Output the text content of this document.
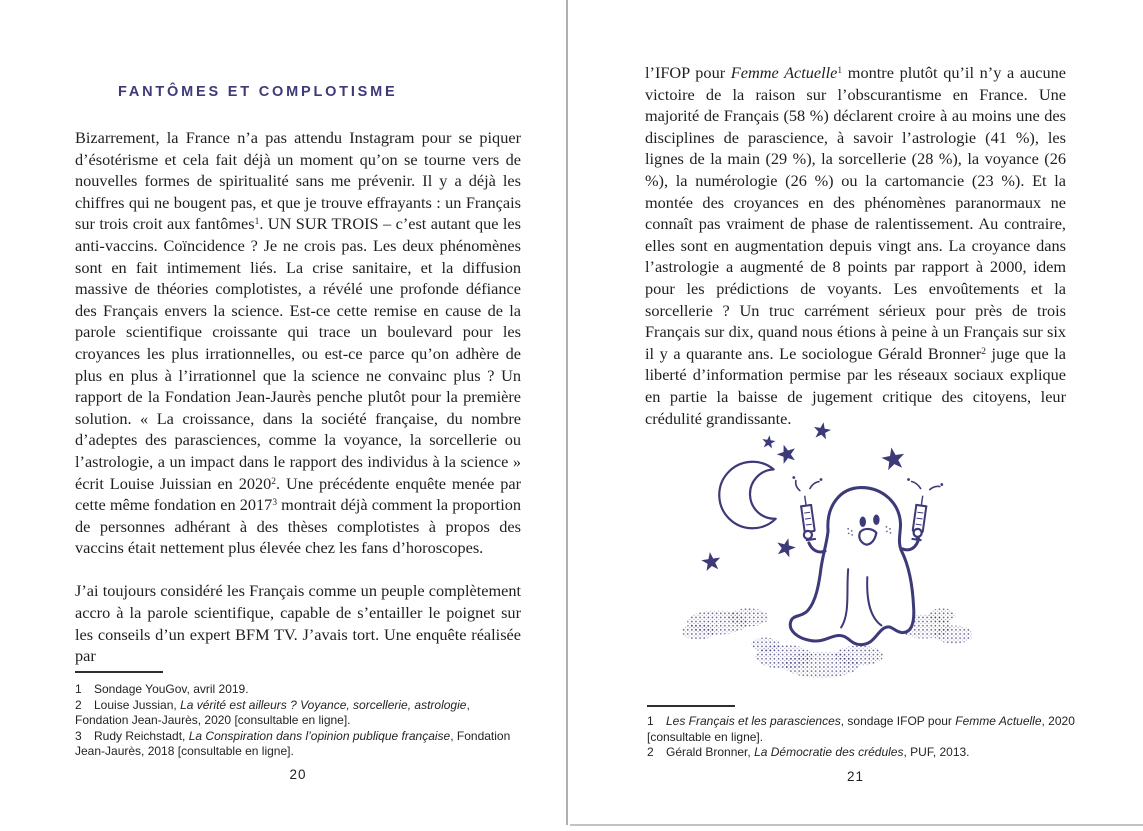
FANTÔMES ET COMPLOTISME

Bizarrement, la France n’a pas attendu Instagram pour se piquer d’ésotérisme et cela fait déjà un moment qu’on se tourne vers de nouvelles formes de spiritualité sans me prévenir. Il y a déjà les chiffres qui ne bougent pas, et que je trouve effrayants : un Français sur trois croit aux fantômes$^1$. UN SUR TROIS – c’est autant que les anti-vaccins. Coïncidence ? Je ne crois pas. Les deux phénomènes sont en fait intimement liés. La crise sanitaire, et la diffusion massive de théories complotistes, a révélé une profonde défiance des Français envers la science. Est-ce cette remise en cause de la parole scientifique croissante qui trace un boulevard pour les croyances les plus irrationnelles, ou est-ce parce qu’on adhère de plus en plus à l’irrationnel que la science ne convainc plus ? Un rapport de la Fondation Jean-Jaurès penche plutôt pour la première solution. « La croissance, dans la société française, du nombre d’adeptes des parasciences, comme la voyance, la sorcellerie ou l’astrologie, a un impact dans le rapport des individus à la science » écrit Louise Juissian en 2020$^2$. Une précédente enquête menée par cette même fondation en 2017$^3$ montrait déjà comment la proportion de personnes adhérant à des thèses complotistes à propos des vaccins était nettement plus élevée chez les fans d’horoscopes.

J’ai toujours considéré les Français comme un peuple complètement accro à la parole scientifique, capable de s’entailler le poignet sur les conseils d’un expert BFM TV. J’avais tort. Une enquête réalisée par

1 Sondage YouGov, avril 2019.
2 Louise Jussian, La vérité est ailleurs ? Voyance, sorcellerie, astrologie, Fondation Jean-Jaurès, 2020 [consultable en ligne].
3 Rudy Reichstadt, La Conspiration dans l’opinion publique française, Fondation Jean-Jaurès, 2018 [consultable en ligne].
20

l’IFOP pour Femme Actuelle$^1$ montre plutôt qu’il n’y a aucune victoire de la raison sur l’obscurantisme en France. Une majorité de Français (58 %) déclarent croire à au moins une des disciplines de parascience, à savoir l’astrologie (41 %), les lignes de la main (29 %), la sorcellerie (28 %), la voyance (26 %), la numérologie (26 %) ou la cartomancie (23 %). Et la montée des croyances en des phénomènes paranormaux ne connaît pas vraiment de phase de ralentissement. Au contraire, elles sont en augmentation depuis vingt ans. La croyance dans l’astrologie a augmenté de 8 points par rapport à 2000, idem pour les prédictions de voyants. Les envoûtements et la sorcellerie ? Un truc carrément sérieux pour près de trois Français sur dix, quand nous étions à peine à un Français sur six il y a quarante ans. Le sociologue Gérald Bronner$^2$ juge que la liberté d’information permise par les réseaux sociaux explique en partie la baisse de jugement critique des citoyens, leur crédulité grandissante.

1 Les Français et les parasciences, sondage IFOP pour Femme Actuelle, 2020 [consultable en ligne].
2 Gérald Bronner, La Démocratie des crédules, PUF, 2013.
21
